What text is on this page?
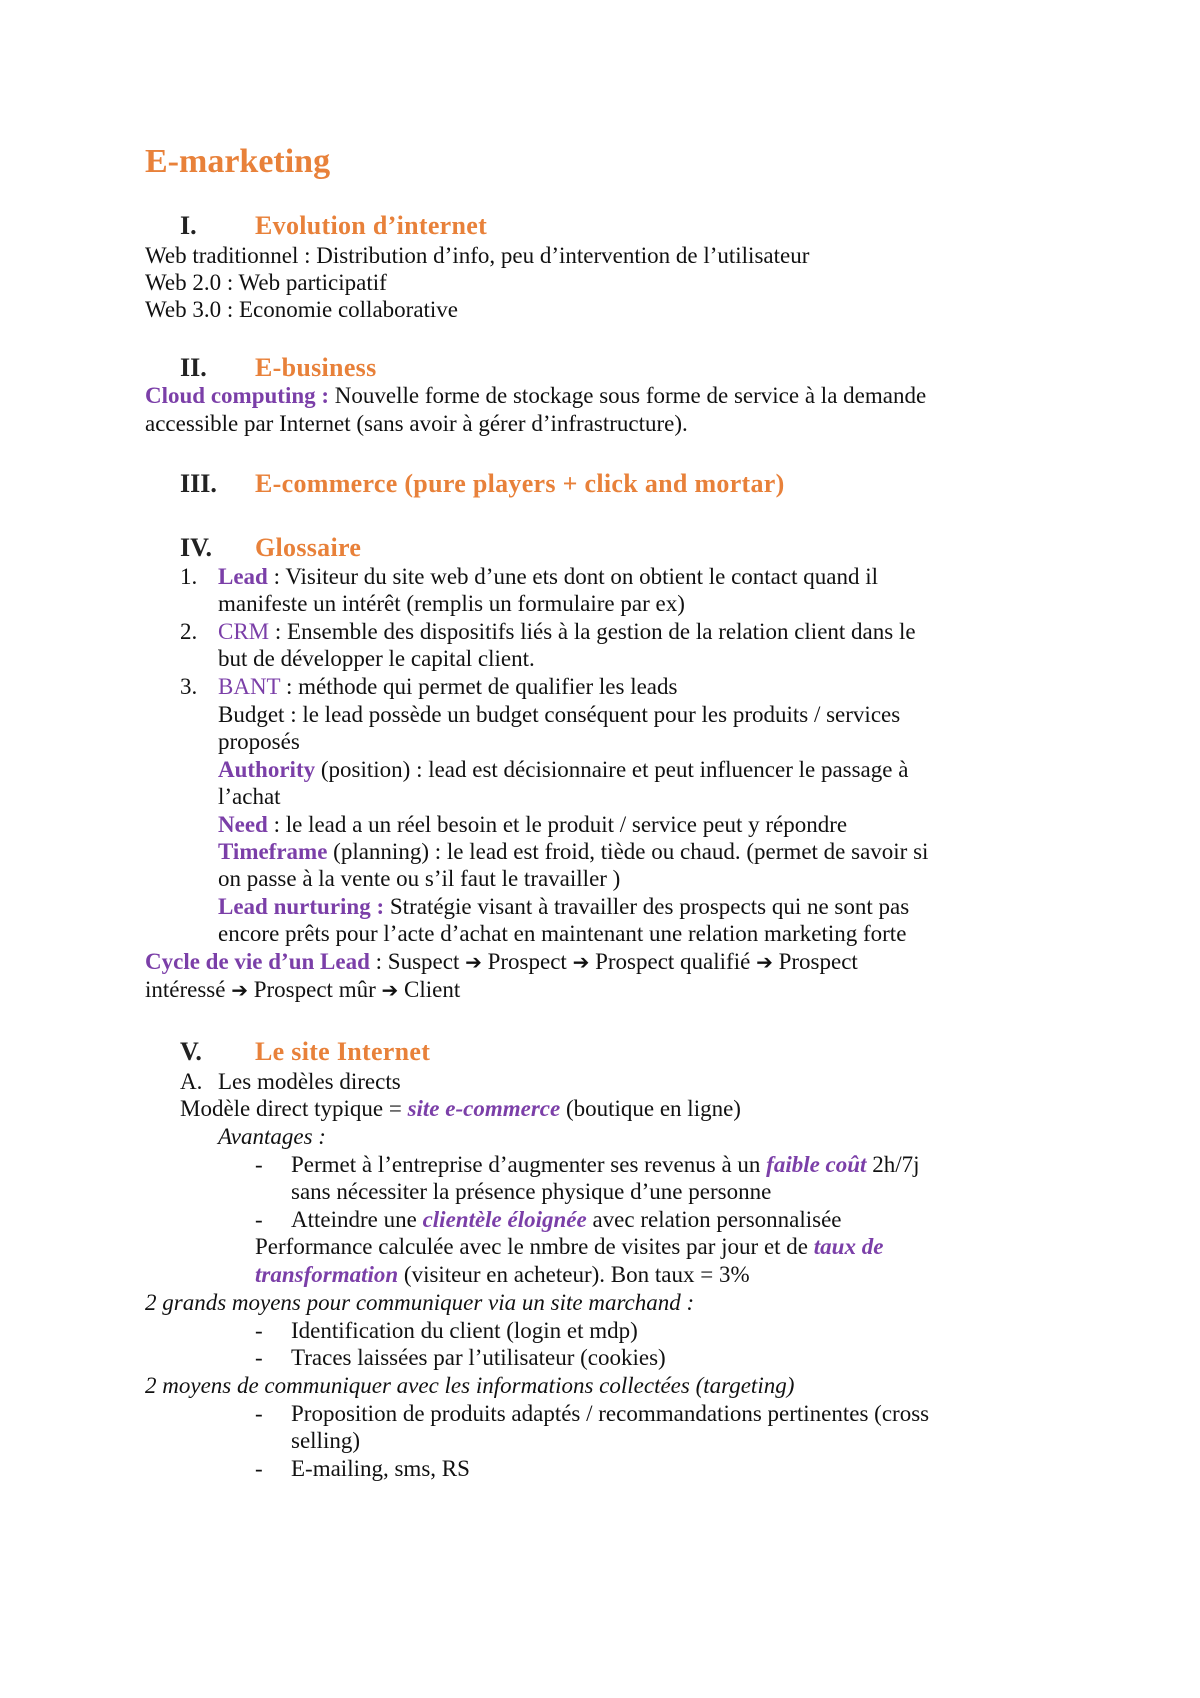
E-marketing
I. Evolution d’internet
Web traditionnel : Distribution d’info, peu d’intervention de l’utilisateur
Web 2.0 : Web participatif
Web 3.0 : Economie collaborative
II. E-business
Cloud computing : Nouvelle forme de stockage sous forme de service à la demande
accessible par Internet (sans avoir à gérer d’infrastructure).
III. E-commerce (pure players + click and mortar)
IV. Glossaire
1. Lead : Visiteur du site web d’une ets dont on obtient le contact quand il
manifeste un intérêt (remplis un formulaire par ex)
2. CRM : Ensemble des dispositifs liés à la gestion de la relation client dans le
but de développer le capital client.
3. BANT : méthode qui permet de qualifier les leads
Budget : le lead possède un budget conséquent pour les produits / services
proposés
Authority (position) : lead est décisionnaire et peut influencer le passage à
l’achat
Need : le lead a un réel besoin et le produit / service peut y répondre
Timeframe (planning) : le lead est froid, tiède ou chaud. (permet de savoir si
on passe à la vente ou s’il faut le travailler )
Lead nurturing : Stratégie visant à travailler des prospects qui ne sont pas
encore prêts pour l’acte d’achat en maintenant une relation marketing forte
Cycle de vie d’un Lead : Suspect ➔ Prospect ➔ Prospect qualifié ➔ Prospect
intéressé ➔ Prospect mûr ➔ Client
V. Le site Internet
A. Les modèles directs
Modèle direct typique = site e-commerce (boutique en ligne)
Avantages :
- Permet à l’entreprise d’augmenter ses revenus à un faible coût 2h/7j
sans nécessiter la présence physique d’une personne
- Atteindre une clientèle éloignée avec relation personnalisée
Performance calculée avec le nmbre de visites par jour et de taux de
transformation (visiteur en acheteur). Bon taux = 3%
2 grands moyens pour communiquer via un site marchand :
- Identification du client (login et mdp)
- Traces laissées par l’utilisateur (cookies)
2 moyens de communiquer avec les informations collectées (targeting)
- Proposition de produits adaptés / recommandations pertinentes (cross
selling)
- E-mailing, sms, RS
